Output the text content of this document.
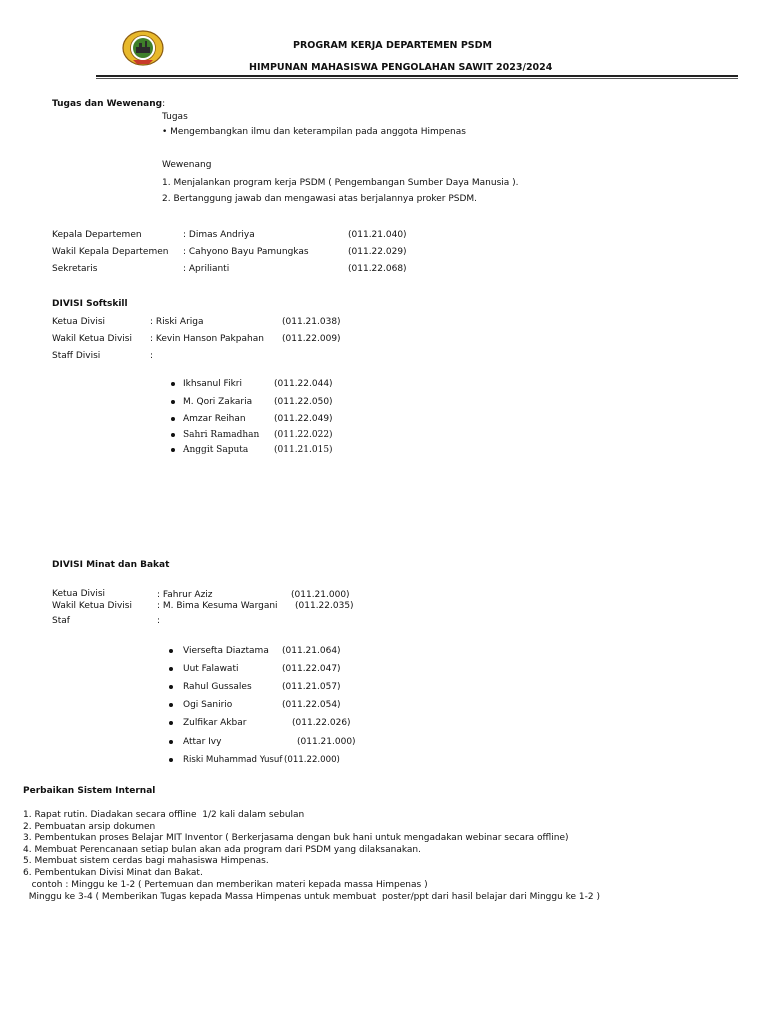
PROGRAM KERJA DEPARTEMEN PSDM
HIMPUNAN MAHASISWA PENGOLAHAN SAWIT 2023/2024
Tugas dan Wewenang:
Tugas
• Mengembangkan ilmu dan keterampilan pada anggota Himpenas
Wewenang
1. Menjalankan program kerja PSDM ( Pengembangan Sumber Daya Manusia ).
2. Bertanggung jawab dan mengawasi atas berjalannya proker PSDM.
Kepala Departemen	: Dimas Andriya	(011.21.040)
Wakil Kepala Departemen : Cahyono Bayu Pamungkas	(011.22.029)
Sekretaris	: Aprilianti	(011.22.068)
DIVISI Softskill
Ketua Divisi	: Riski Ariga	(011.21.038)
Wakil Ketua Divisi : Kevin Hanson Pakpahan (011.22.009)
Staff Divisi	:
Ikhsanul Fikri	(011.22.044)
M. Qori Zakaria (011.22.050)
Amzar Reihan	(011.22.049)
Sahri Ramadhan (011.22.022)
Anggit Saputa	(011.21.015)
DIVISI Minat dan Bakat
Ketua Divisi	: Fahrur Aziz	(011.21.000)
Wakil Ketua Divisi	: M. Bima Kesuma Wargani (011.22.035)
Staf	:
Viersefta Diaztama (011.21.064)
Uut Falawati	(011.22.047)
Rahul Gussales	(011.21.057)
Ogi Sanirio	(011.22.054)
Zulfikar Akbar	(011.22.026)
Attar Ivy	(011.21.000)
Riski Muhammad Yusuf (011.22.000)
Perbaikan Sistem Internal
1. Rapat rutin. Diadakan secara offline  1/2 kali dalam sebulan
2. Pembuatan arsip dokumen
3. Pembentukan proses Belajar MIT Inventor ( Berkerjasama dengan buk hani untuk mengadakan webinar secara offline)
4. Membuat Perencanaan setiap bulan akan ada program dari PSDM yang dilaksanakan.
5. Membuat sistem cerdas bagi mahasiswa Himpenas.
6. Pembentukan Divisi Minat dan Bakat.
contoh : Minggu ke 1-2 ( Pertemuan dan memberikan materi kepada massa Himpenas )
Minggu ke 3-4 ( Memberikan Tugas kepada Massa Himpenas untuk membuat  poster/ppt dari hasil belajar dari Minggu ke 1-2 )
